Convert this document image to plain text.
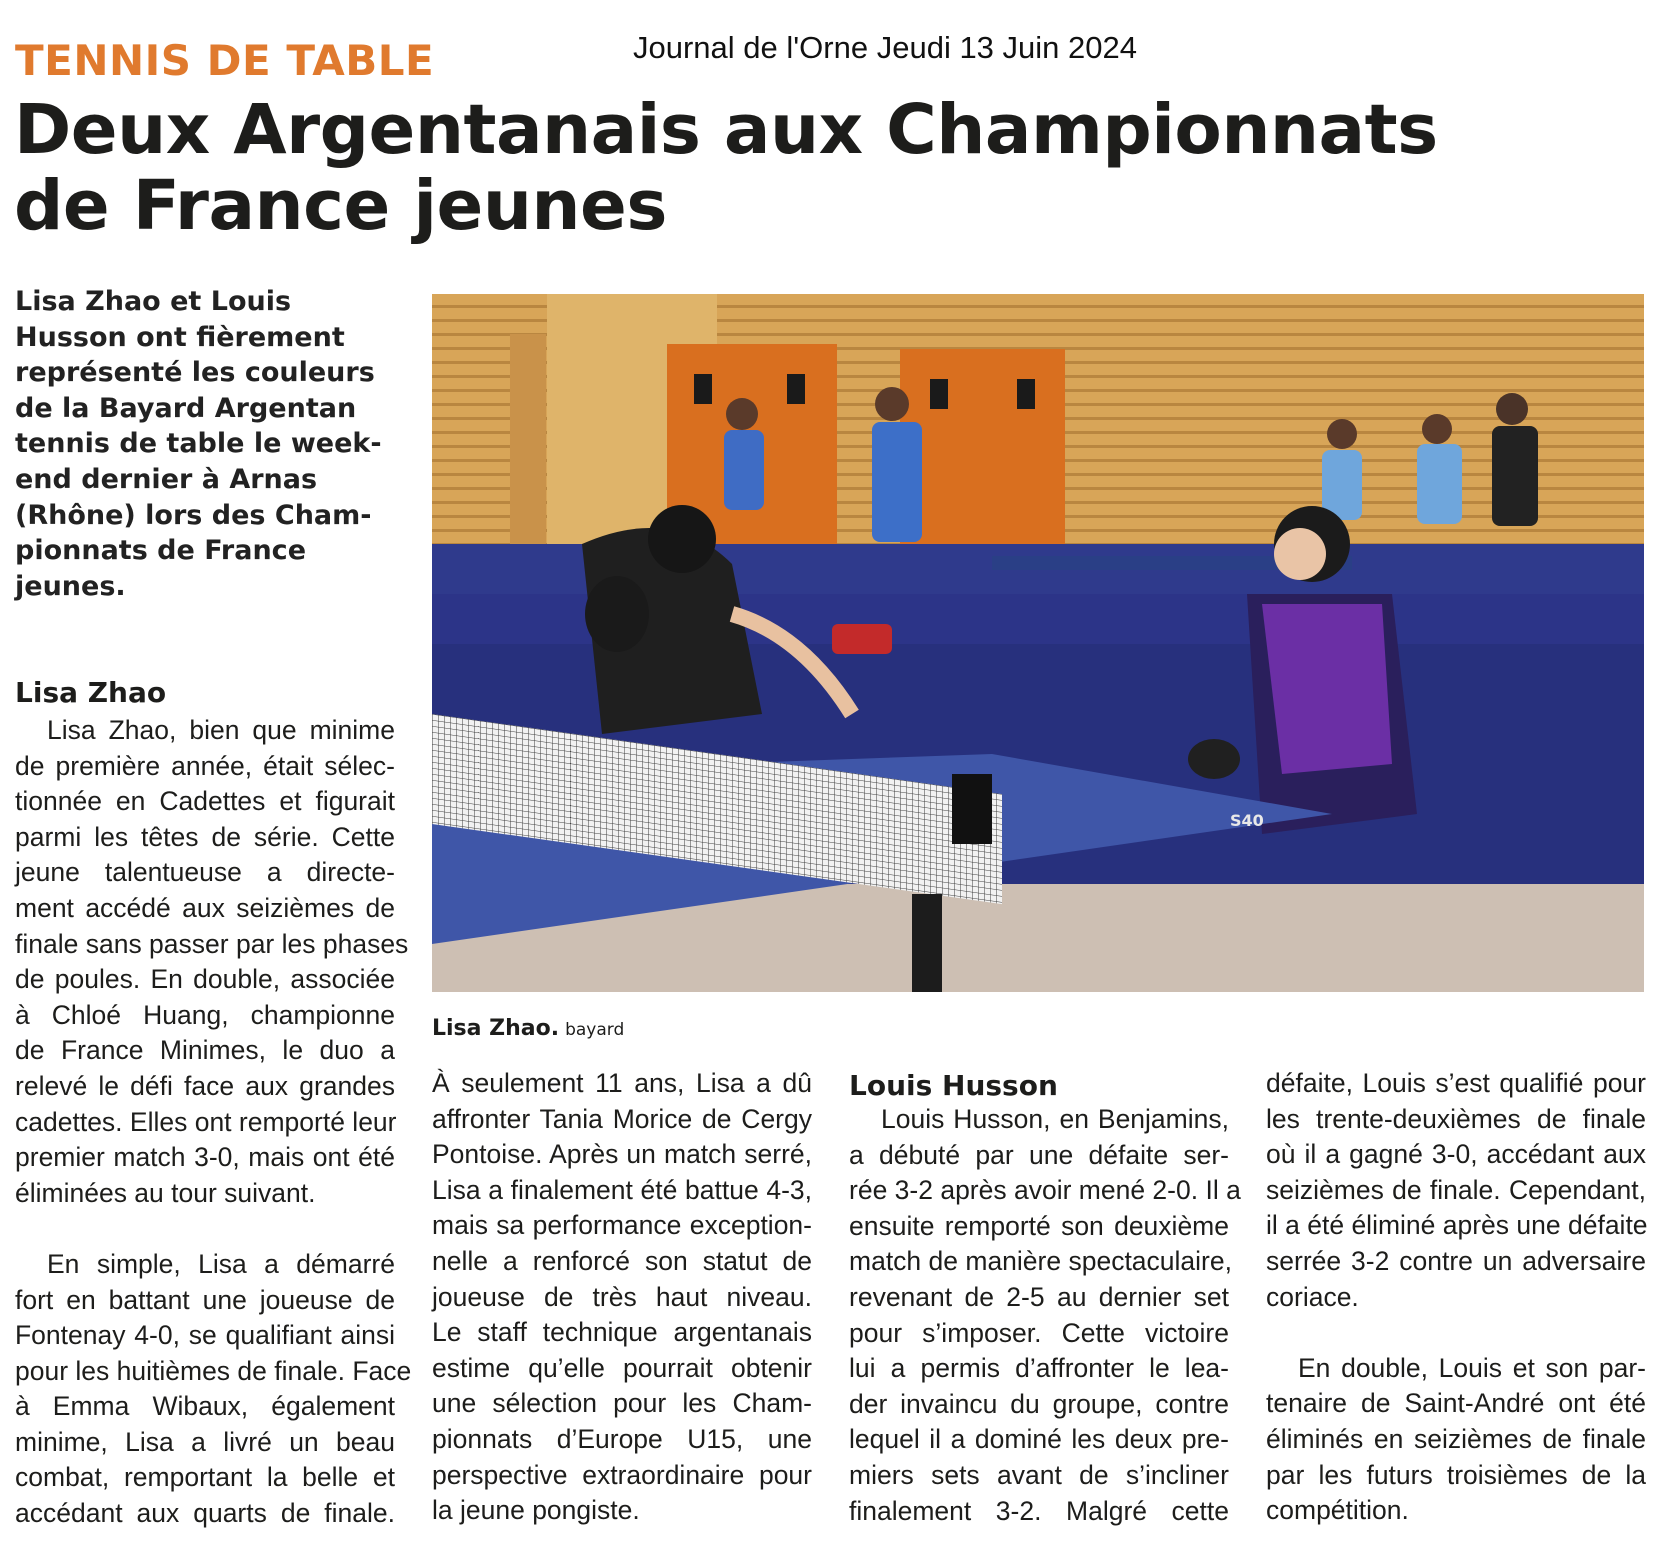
TENNIS DE TABLE	Journal de l'Orne Jeudi 13 Juin 2024
Deux Argentanais aux Championnats
de France jeunes

Lisa Zhao et Louis
Husson ont fièrement
représenté les couleurs
de la Bayard Argentan
tennis de table le week-
end dernier à Arnas
(Rhône) lors des Cham-
pionnats de France
jeunes.

Lisa Zhao
Lisa Zhao, bien que minime
de première année, était sélec-
tionnée en Cadettes et figurait
parmi les têtes de série. Cette
jeune talentueuse a directe-
ment accédé aux seizièmes de
finale sans passer par les phases
de poules. En double, associée
à Chloé Huang, championne
de France Minimes, le duo a
relevé le défi face aux grandes
cadettes. Elles ont remporté leur
premier match 3-0, mais ont été
éliminées au tour suivant.
En simple, Lisa a démarré
fort en battant une joueuse de
Fontenay 4-0, se qualifiant ainsi
pour les huitièmes de finale. Face
à Emma Wibaux, également
minime, Lisa a livré un beau
combat, remportant la belle et
accédant aux quarts de finale.
S40
Lisa Zhao. bayard
À seulement 11 ans, Lisa a dû
affronter Tania Morice de Cergy
Pontoise. Après un match serré,
Lisa a finalement été battue 4-3,
mais sa performance exception-
nelle a renforcé son statut de
joueuse de très haut niveau.
Le staff technique argentanais
estime qu’elle pourrait obtenir
une sélection pour les Cham-
pionnats d’Europe U15, une
perspective extraordinaire pour
la jeune pongiste.
Louis Husson
Louis Husson, en Benjamins,
a débuté par une défaite ser-
rée 3-2 après avoir mené 2-0. Il a
ensuite remporté son deuxième
match de manière spectaculaire,
revenant de 2-5 au dernier set
pour s’imposer. Cette victoire
lui a permis d’affronter le lea-
der invaincu du groupe, contre
lequel il a dominé les deux pre-
miers sets avant de s’incliner
finalement 3-2. Malgré cette
défaite, Louis s’est qualifié pour
les trente-deuxièmes de finale
où il a gagné 3-0, accédant aux
seizièmes de finale. Cependant,
il a été éliminé après une défaite
serrée 3-2 contre un adversaire
coriace.
En double, Louis et son par-
tenaire de Saint-André ont été
éliminés en seizièmes de finale
par les futurs troisièmes de la
compétition.
